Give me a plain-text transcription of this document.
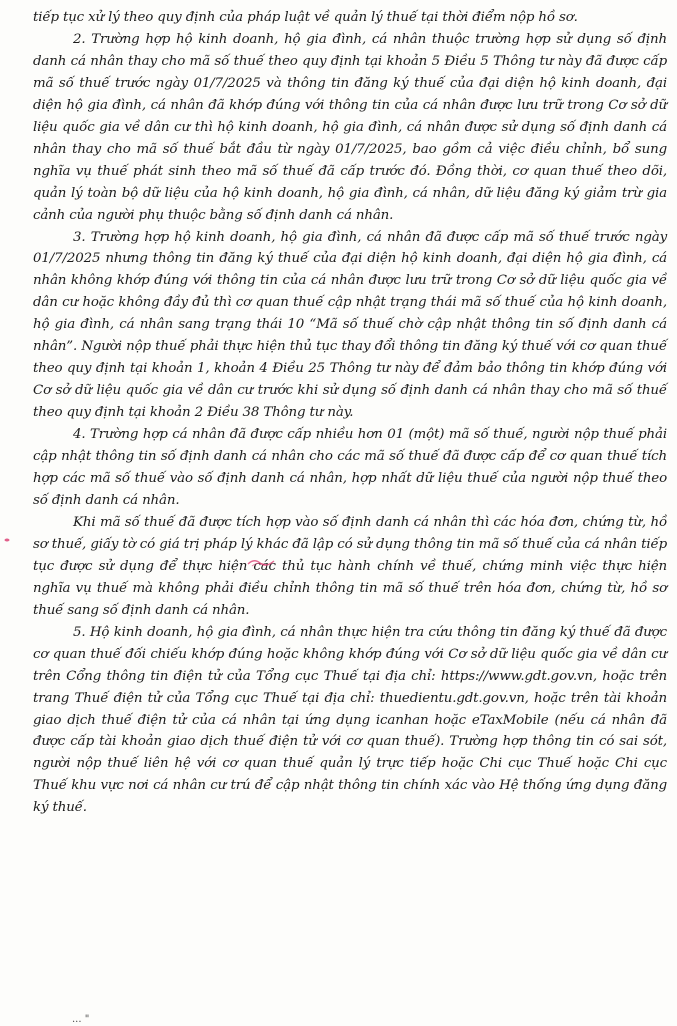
tiếp tục xử lý theo quy định của pháp luật về quản lý thuế tại thời điểm nộp hồ sơ.

2. Trường hợp hộ kinh doanh, hộ gia đình, cá nhân thuộc trường hợp sử dụng số định danh cá nhân thay cho mã số thuế theo quy định tại khoản 5 Điều 5 Thông tư này đã được cấp mã số thuế trước ngày 01/7/2025 và thông tin đăng ký thuế của đại diện hộ kinh doanh, đại diện hộ gia đình, cá nhân đã khớp đúng với thông tin của cá nhân được lưu trữ trong Cơ sở dữ liệu quốc gia về dân cư thì hộ kinh doanh, hộ gia đình, cá nhân được sử dụng số định danh cá nhân thay cho mã số thuế bắt đầu từ ngày 01/7/2025, bao gồm cả việc điều chỉnh, bổ sung nghĩa vụ thuế phát sinh theo mã số thuế đã cấp trước đó. Đồng thời, cơ quan thuế theo dõi, quản lý toàn bộ dữ liệu của hộ kinh doanh, hộ gia đình, cá nhân, dữ liệu đăng ký giảm trừ gia cảnh của người phụ thuộc bằng số định danh cá nhân.

3. Trường hợp hộ kinh doanh, hộ gia đình, cá nhân đã được cấp mã số thuế trước ngày 01/7/2025 nhưng thông tin đăng ký thuế của đại diện hộ kinh doanh, đại diện hộ gia đình, cá nhân không khớp đúng với thông tin của cá nhân được lưu trữ trong Cơ sở dữ liệu quốc gia về dân cư hoặc không đầy đủ thì cơ quan thuế cập nhật trạng thái mã số thuế của hộ kinh doanh, hộ gia đình, cá nhân sang trạng thái 10 “Mã số thuế chờ cập nhật thông tin số định danh cá nhân”. Người nộp thuế phải thực hiện thủ tục thay đổi thông tin đăng ký thuế với cơ quan thuế theo quy định tại khoản 1, khoản 4 Điều 25 Thông tư này để đảm bảo thông tin khớp đúng với Cơ sở dữ liệu quốc gia về dân cư trước khi sử dụng số định danh cá nhân thay cho mã số thuế theo quy định tại khoản 2 Điều 38 Thông tư này.

4. Trường hợp cá nhân đã được cấp nhiều hơn 01 (một) mã số thuế, người nộp thuế phải cập nhật thông tin số định danh cá nhân cho các mã số thuế đã được cấp để cơ quan thuế tích hợp các mã số thuế vào số định danh cá nhân, hợp nhất dữ liệu thuế của người nộp thuế theo số định danh cá nhân.

Khi mã số thuế đã được tích hợp vào số định danh cá nhân thì các hóa đơn, chứng từ, hồ sơ thuế, giấy tờ có giá trị pháp lý khác đã lập có sử dụng thông tin mã số thuế của cá nhân tiếp tục được sử dụng để thực hiện các thủ tục hành chính về thuế, chứng minh việc thực hiện nghĩa vụ thuế mà không phải điều chỉnh thông tin mã số thuế trên hóa đơn, chứng từ, hồ sơ thuế sang số định danh cá nhân.

5. Hộ kinh doanh, hộ gia đình, cá nhân thực hiện tra cứu thông tin đăng ký thuế đã được cơ quan thuế đối chiếu khớp đúng hoặc không khớp đúng với Cơ sở dữ liệu quốc gia về dân cư trên Cổng thông tin điện tử của Tổng cục Thuế tại địa chỉ: https://www.gdt.gov.vn, hoặc trên trang Thuế điện tử của Tổng cục Thuế tại địa chỉ: thuedientu.gdt.gov.vn, hoặc trên tài khoản giao dịch thuế điện tử của cá nhân tại ứng dụng icanhan hoặc eTaxMobile (nếu cá nhân đã được cấp tài khoản giao dịch thuế điện tử với cơ quan thuế). Trường hợp thông tin có sai sót, người nộp thuế liên hệ với cơ quan thuế quản lý trực tiếp hoặc Chi cục Thuế hoặc Chi cục Thuế khu vực nơi cá nhân cư trú để cập nhật thông tin chính xác vào Hệ thống ứng dụng đăng ký thuế.

... "
